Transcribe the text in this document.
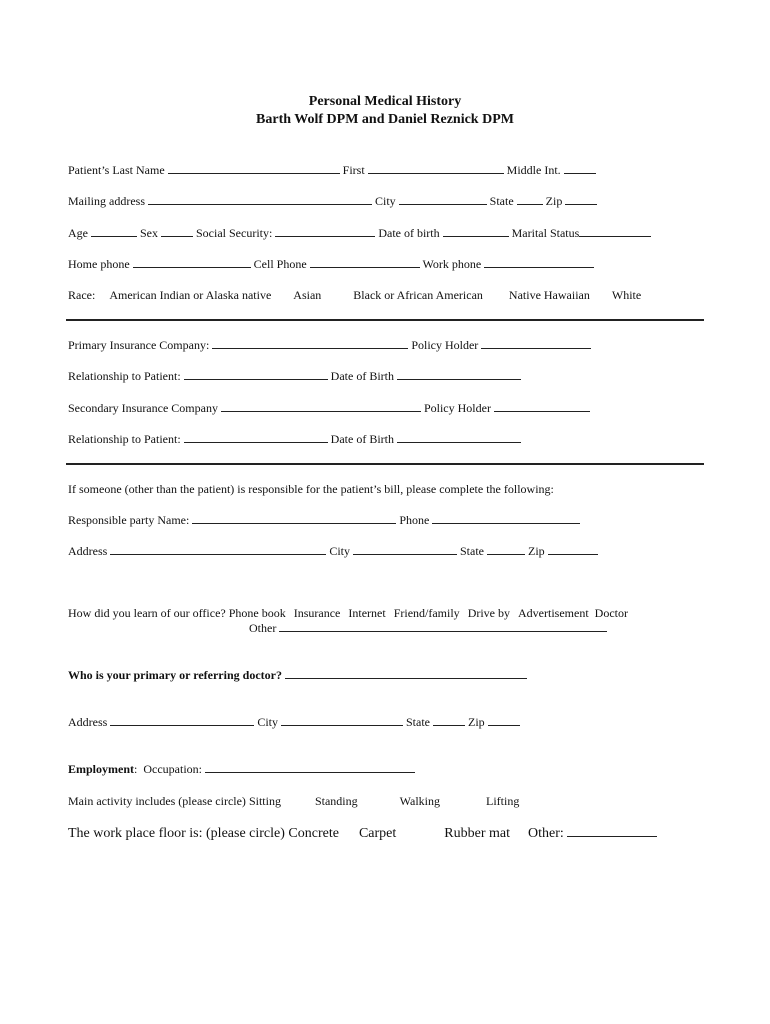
Personal Medical History
Barth Wolf DPM and Daniel Reznick DPM
Patient’s Last Name	First	Middle Int.
Mailing address	City	State	Zip
Age	Sex	Social Security:	Date of birth	Marital Status
Home phone	Cell Phone	Work phone
Race: American Indian or Alaska native Asian	Black or African American Native Hawaiian White
Primary Insurance Company:	Policy Holder
Relationship to Patient:	Date of Birth
Secondary Insurance Company	Policy Holder
Relationship to Patient:	Date of Birth
If someone (other than the patient) is responsible for the patient’s bill, please complete the following:
Responsible party Name:	Phone
Address	City	State	Zip
How did you learn of our office? Phone book Insurance Internet Friend/family Drive by Advertisement Doctor
Other
Who is your primary or referring doctor?
Address	City	State	Zip
Employment:  Occupation:
Main activity includes (please circle) Sitting	Standing	Walking	Lifting
The work place floor is: (please circle) Concrete Carpet	Rubber mat Other:
